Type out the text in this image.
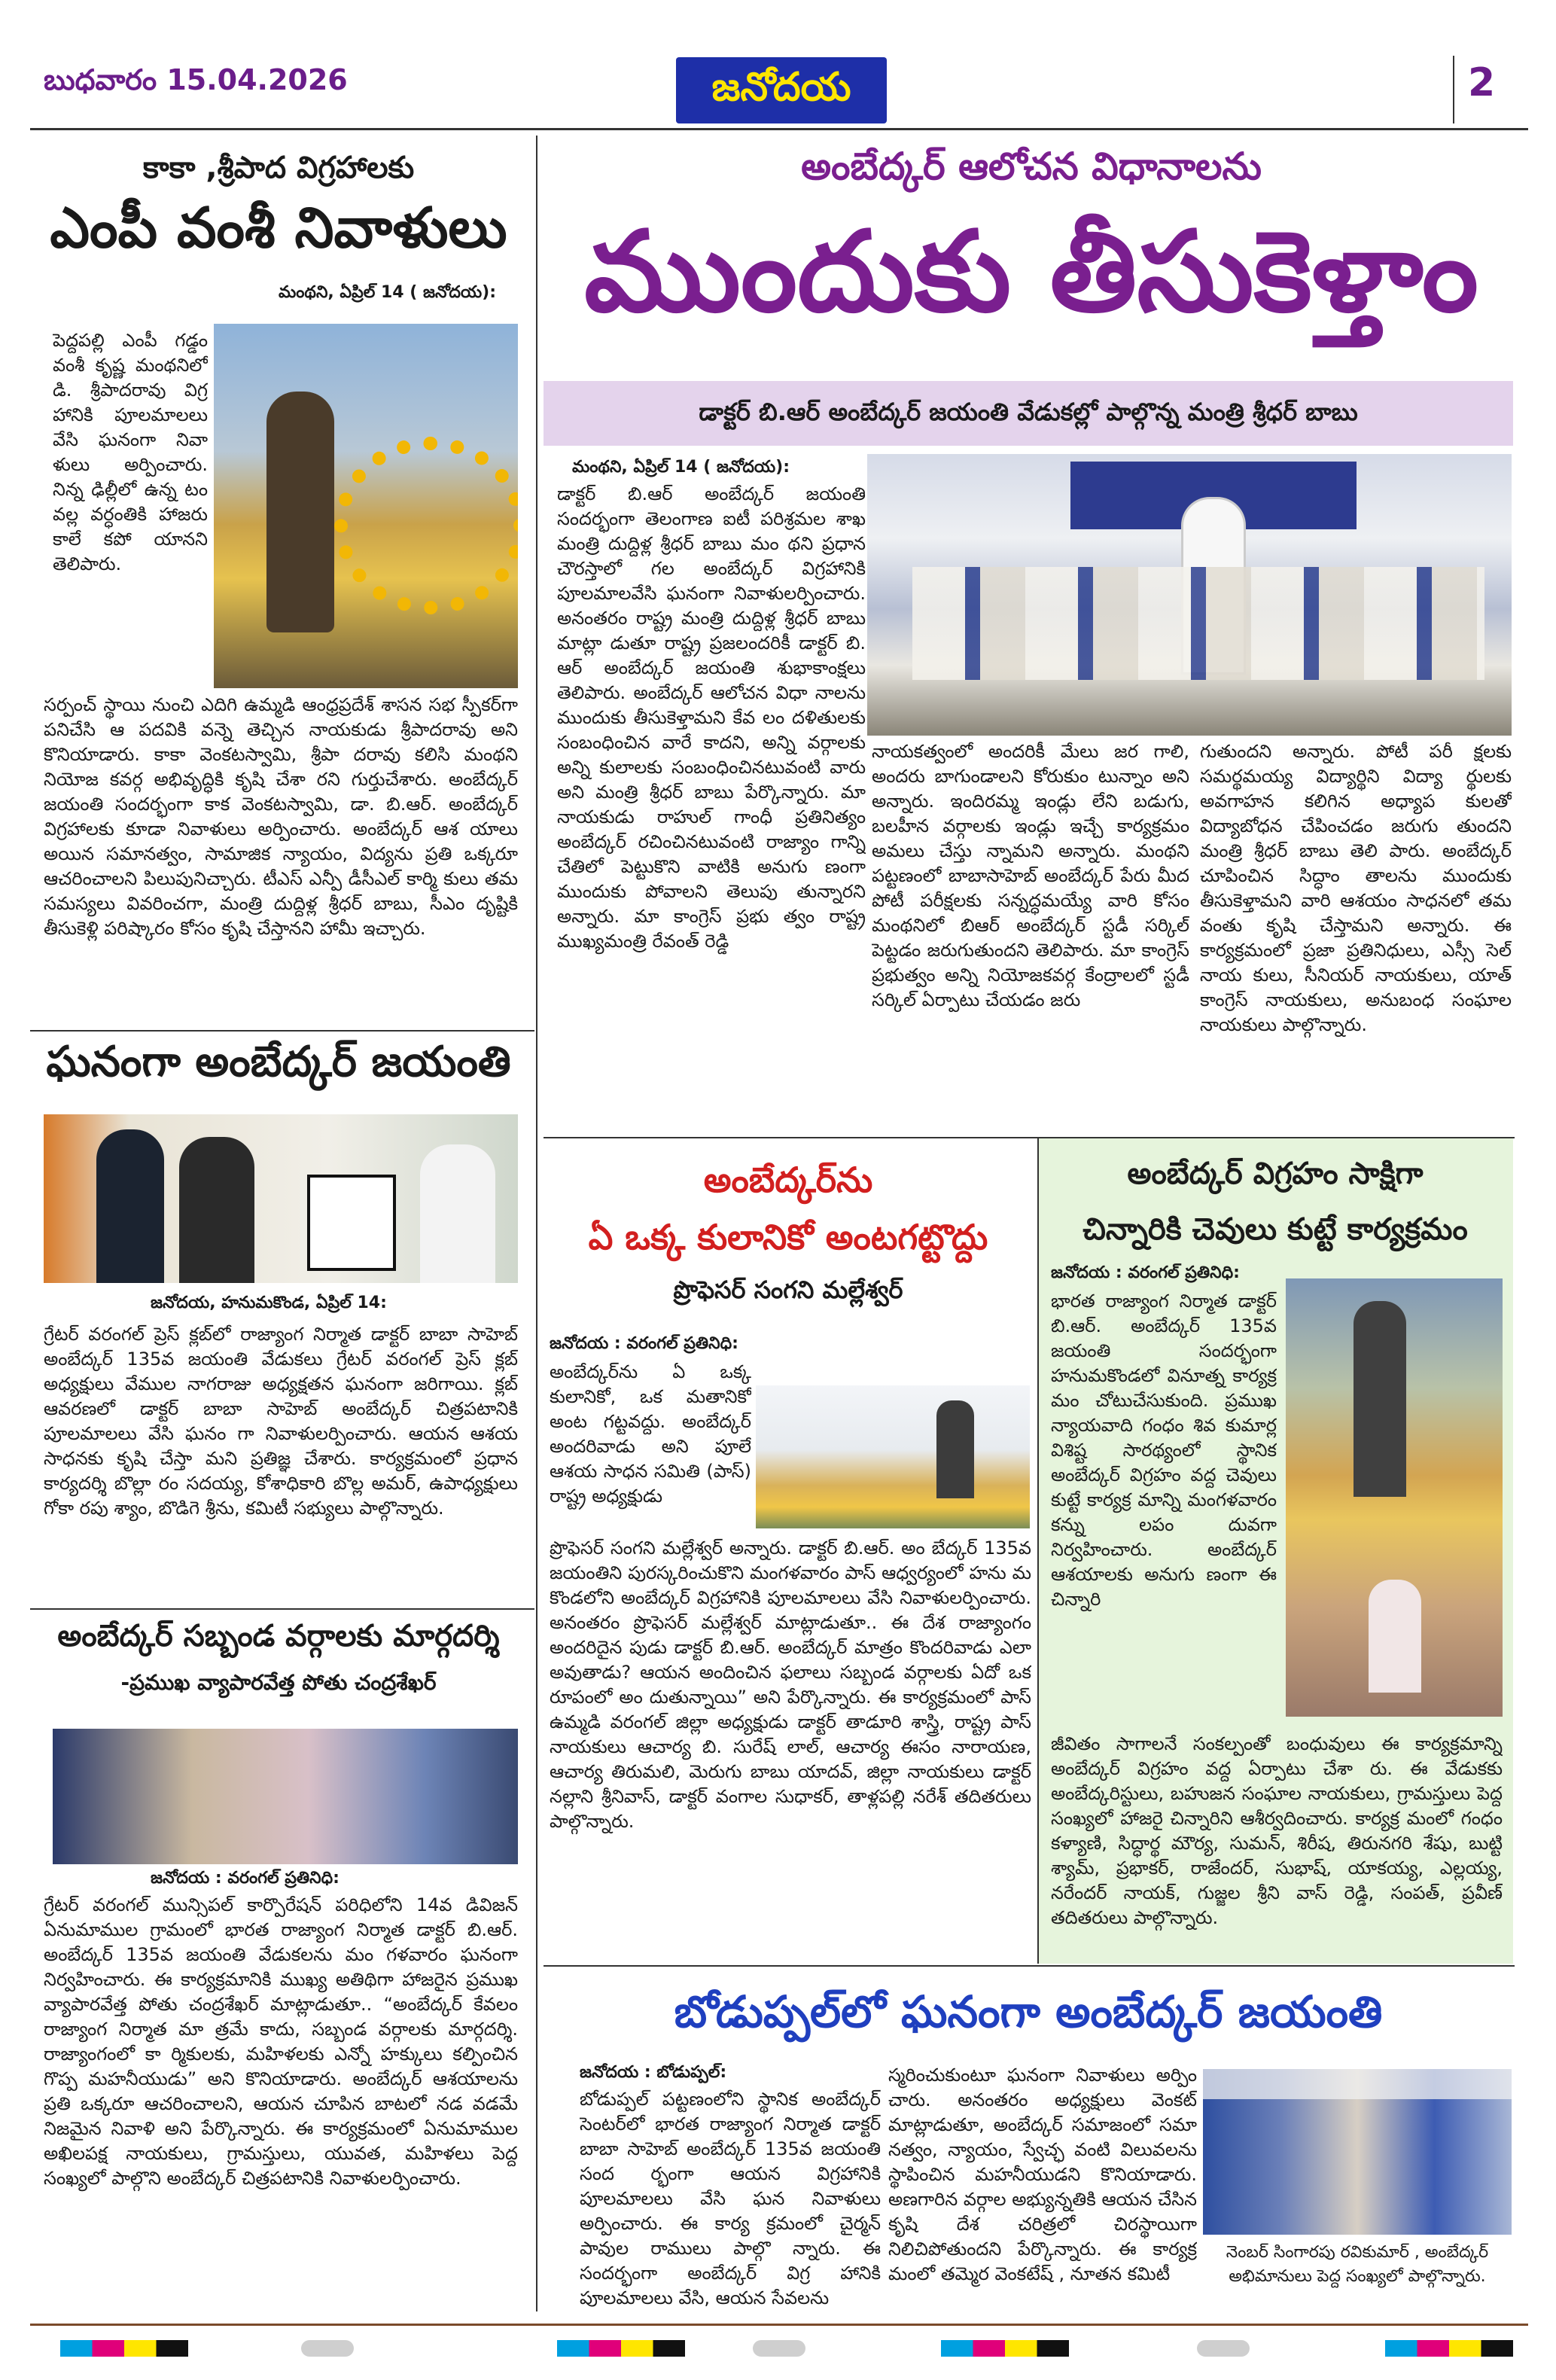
బుధవారం 15.04.2026	జనోదయ	2
కాకా ,శ్రీపాద విగ్రహాలకు
ఎంపీ వంశీ నివాళులు
మంథని, ఏప్రిల్ 14 ( జనోదయ):

పెద్దపల్లి ఎంపీ గడ్డం వంశీ కృష్ణ మంథనిలో డి. శ్రీపాదరావు విగ్ర హానికి పూలమాలలు వేసి ఘనంగా నివా ళులు అర్పించారు. నిన్న ఢిల్లీలో ఉన్న టం వల్ల వర్ధంతికి హాజరు కాలే కపో యానని తెలిపారు.

సర్పంచ్ స్థాయి నుంచి ఎదిగి ఉమ్మడి ఆంధ్రప్రదేశ్ శాసన సభ స్పీకర్‌గా పనిచేసి ఆ పదవికి వన్నె తెచ్చిన నాయకుడు శ్రీపాదరావు అని కొనియాడారు. కాకా వెంకటస్వామి, శ్రీపా దరావు కలిసి మంథని నియోజ కవర్గ అభివృద్ధికి కృషి చేశా రని గుర్తుచేశారు. అంబేద్కర్ జయంతి సందర్భంగా కాక వెంకటస్వామి, డా. బి.ఆర్. అంబేద్కర్ విగ్రహాలకు కూడా నివాళులు అర్పించారు. అంబేద్కర్ ఆశ యాలు అయిన సమానత్వం, సామాజిక న్యాయం, విద్యను ప్రతి ఒక్కరూ ఆచరించాలని పిలుపునిచ్చారు. టీఎస్ ఎన్పీ డీసీఎల్ కార్మి కులు తమ సమస్యలు వివరించగా, మంత్రి దుద్దిళ్ల శ్రీధర్ బాబు, సీఎం దృష్టికి తీసుకెళ్లి పరిష్కారం కోసం కృషి చేస్తానని హామీ ఇచ్చారు.

ఘనంగా అంబేద్కర్ జయంతి
జనోదయ, హనుమకొండ, ఏప్రిల్ 14:

గ్రేటర్ వరంగల్ ప్రెస్ క్లబ్‌లో రాజ్యాంగ నిర్మాత డాక్టర్ బాబా సాహెబ్ అంబేద్కర్ 135వ జయంతి వేడుకలు గ్రేటర్ వరంగల్ ప్రెస్ క్లబ్ అధ్యక్షులు వేముల నాగరాజు అధ్యక్షతన ఘనంగా జరిగాయి. క్లబ్ ఆవరణలో డాక్టర్ బాబా సాహెబ్ అంబేద్కర్ చిత్రపటానికి పూలమాలలు వేసి ఘనం గా నివాళులర్పించారు. ఆయన ఆశయ సాధనకు కృషి చేస్తా మని ప్రతిజ్ఞ చేశారు. కార్యక్రమంలో ప్రధాన కార్యదర్శి బొల్లా రం సదయ్య, కోశాధికారి బొల్ల అమర్, ఉపాధ్యక్షులు గోకా రపు శ్యాం, బొడిగె శ్రీను, కమిటీ సభ్యులు పాల్గొన్నారు.

అంబేద్కర్ సబ్బండ వర్గాలకు మార్గదర్శి
-ప్రముఖ వ్యాపారవేత్త పోతు చంద్రశేఖర్
జనోదయ : వరంగల్ ప్రతినిధి:

గ్రేటర్ వరంగల్ మున్సిపల్ కార్పొరేషన్ పరిధిలోని 14వ డివిజన్ ఏనుమాముల గ్రామంలో భారత రాజ్యాంగ నిర్మాత డాక్టర్ బి.ఆర్. అంబేద్కర్ 135వ జయంతి వేడుకలను మం గళవారం ఘనంగా నిర్వహించారు. ఈ కార్యక్రమానికి ముఖ్య అతిథిగా హాజరైన ప్రముఖ వ్యాపారవేత్త పోతు చంద్రశేఖర్ మాట్లాడుతూ.. “అంబేద్కర్ కేవలం రాజ్యాంగ నిర్మాత మా త్రమే కాదు, సబ్బండ వర్గాలకు మార్గదర్శి. రాజ్యాంగంలో కా ర్మికులకు, మహిళలకు ఎన్నో హక్కులు కల్పించిన గొప్ప మహనీయుడు” అని కొనియాడారు. అంబేద్కర్ ఆశయాలను ప్రతి ఒక్కరూ ఆచరించాలని, ఆయన చూపిన బాటలో నడ వడమే నిజమైన నివాళి అని పేర్కొన్నారు. ఈ కార్యక్రమంలో ఏనుమాముల అఖిలపక్ష నాయకులు, గ్రామస్తులు, యువత, మహిళలు పెద్ద సంఖ్యలో పాల్గొని అంబేద్కర్ చిత్రపటానికి నివాళులర్పించారు.

అంబేద్కర్ ఆలోచన విధానాలను
ముందుకు తీసుకెళ్తాం
డాక్టర్ బి.ఆర్ అంబేద్కర్ జయంతి వేడుకల్లో పాల్గొన్న మంత్రి శ్రీధర్ బాబు
మంథని, ఏప్రిల్ 14 ( జనోదయ):

డాక్టర్ బి.ఆర్ అంబేద్కర్ జయంతి సందర్భంగా తెలంగాణ ఐటీ పరిశ్రమల శాఖ మంత్రి దుద్దిళ్ల శ్రీధర్ బాబు మం థని ప్రధాన చౌరస్తాలో గల అంబేద్కర్ విగ్రహానికి పూలమాలవేసి ఘనంగా నివాళులర్పించారు. అనంతరం రాష్ట్ర మంత్రి దుద్దిళ్ల శ్రీధర్ బాబు మాట్లా డుతూ రాష్ట్ర ప్రజలందరికీ డాక్టర్ బి. ఆర్ అంబేద్కర్ జయంతి శుభాకాంక్షలు తెలిపారు. అంబేద్కర్ ఆలోచన విధా నాలను ముందుకు తీసుకెళ్తామని కేవ లం దళితులకు సంబంధించిన వారే కాదని, అన్ని వర్గాలకు అన్ని కులాలకు సంబంధించినటువంటి వారు అని మంత్రి శ్రీధర్ బాబు పేర్కొన్నారు. మా నాయకుడు రాహుల్ గాంధీ ప్రతినిత్యం అంబేద్కర్ రచించినటువంటి రాజ్యాం గాన్ని చేతిలో పెట్టుకొని వాటికి అనుగు ణంగా ముందుకు పోవాలని తెలుపు తున్నారని అన్నారు. మా కాంగ్రెస్ ప్రభు త్వం రాష్ట్ర ముఖ్యమంత్రి రేవంత్ రెడ్డి

నాయకత్వంలో అందరికీ మేలు జర గాలి, అందరు బాగుండాలని కోరుకుం టున్నాం అని అన్నారు. ఇందిరమ్మ ఇండ్లు లేని బడుగు, బలహీన వర్గాలకు ఇండ్లు ఇచ్చే కార్యక్రమం అమలు చేస్తు న్నామని అన్నారు. మంథని పట్టణంలో బాబాసాహెబ్ అంబేద్కర్ పేరు మీద పోటీ పరీక్షలకు సన్నద్ధమయ్యే వారి కోసం మంథనిలో బిఆర్ అంబేద్కర్ స్టడీ సర్కిల్ పెట్టడం జరుగుతుందని తెలిపారు. మా కాంగ్రెస్ ప్రభుత్వం అన్ని నియోజకవర్గ కేంద్రాలలో స్టడీ సర్కిల్ ఏర్పాటు చేయడం జరు

గుతుందని అన్నారు. పోటీ పరీ క్షలకు సమర్థమయ్య విద్యార్థిని విద్యా ర్థులకు అవగాహన కలిగిన అధ్యాప కులతో విద్యాబోధన చేపించడం జరుగు తుందని మంత్రి శ్రీధర్ బాబు తెలి పారు. అంబేద్కర్ చూపించిన సిద్ధాం తాలను ముందుకు తీసుకెళ్తామని వారి ఆశయం సాధనలో తమ వంతు కృషి చేస్తామని అన్నారు. ఈ కార్యక్రమంలో ప్రజా ప్రతినిధులు, ఎస్సీ సెల్ నాయ కులు, సీనియర్ నాయకులు, యాత్ కాంగ్రెస్ నాయకులు, అనుబంధ సంఘాల నాయకులు పాల్గొన్నారు.

అంబేద్కర్‌ను
ఏ ఒక్క కులానికో అంటగట్టొద్దు
ప్రొఫెసర్ సంగని మల్లేశ్వర్
జనోదయ : వరంగల్ ప్రతినిధి:

అంబేద్కర్‌ను ఏ ఒక్క కులానికో, ఒక మతానికో అంట గట్టవద్దు. అంబేద్కర్ అందరివాడు అని పూలే ఆశయ సాధన సమితి (పాస్) రాష్ట్ర అధ్యక్షుడు

ప్రొఫెసర్ సంగని మల్లేశ్వర్ అన్నారు. డాక్టర్ బి.ఆర్. అం బేద్కర్ 135వ జయంతిని పురస్కరించుకొని మంగళవారం పాస్ ఆధ్వర్యంలో హను మ కొండలోని అంబేద్కర్ విగ్రహానికి పూలమాలలు వేసి నివాళులర్పించారు. అనంతరం ప్రొఫెసర్ మల్లేశ్వర్ మాట్లాడుతూ.. ఈ దేశ రాజ్యాంగం అందరిదైన పుడు డాక్టర్ బి.ఆర్. అంబేద్కర్ మాత్రం కొందరివాడు ఎలా అవుతాడు? ఆయన అందించిన ఫలాలు సబ్బండ వర్గాలకు ఏదో ఒక రూపంలో అం దుతున్నాయి” అని పేర్కొన్నారు. ఈ కార్యక్రమంలో పాస్ ఉమ్మడి వరంగల్ జిల్లా అధ్యక్షుడు డాక్టర్ తాడూరి శాస్త్రి, రాష్ట్ర పాస్ నాయకులు ఆచార్య బి. సురేష్ లాల్, ఆచార్య ఈసం నారాయణ, ఆచార్య తిరుమలి, మెరుగు బాబు యాదవ్, జిల్లా నాయకులు డాక్టర్ నల్లాని శ్రీనివాస్, డాక్టర్ వంగాల సుధాకర్, తాళ్లపల్లి నరేశ్ తదితరులు పాల్గొన్నారు.

అంబేద్కర్ విగ్రహం సాక్షిగా
చిన్నారికి చెవులు కుట్టే కార్యక్రమం
జనోదయ : వరంగల్ ప్రతినిధి:

భారత రాజ్యాంగ నిర్మాత డాక్టర్ బి.ఆర్. అంబేద్కర్ 135వ జయంతి సందర్భంగా హనుమకొండలో వినూత్న కార్యక్ర మం చోటుచేసుకుంది. ప్రముఖ న్యాయవాది గంధం శివ కుమార్ల విశిష్ట సారథ్యంలో స్థానిక అంబేద్కర్ విగ్రహం వద్ద చెవులు కుట్టే కార్యక్ర మాన్ని మంగళవారం కన్ను లపం దువగా నిర్వహించారు. అంబేద్కర్ ఆశయాలకు అనుగు ణంగా ఈ చిన్నారి

జీవితం సాగాలనే సంకల్పంతో బంధువులు ఈ కార్యక్రమాన్ని అంబేద్కర్ విగ్రహం వద్ద ఏర్పాటు చేశా రు. ఈ వేడుకకు అంబేద్కరిస్టులు, బహుజన సంఘాల నాయకులు, గ్రామస్తులు పెద్ద సంఖ్యలో హాజరై చిన్నారిని ఆశీర్వదించారు. కార్యక్ర మంలో గంధం కళ్యాణి, సిద్ధార్థ మౌర్య, సుమన్, శిరీష, తిరునగరి శేషు, బుట్టి శ్యామ్, ప్రభాకర్, రాజేందర్, సుభాష్, యాకయ్య, ఎల్లయ్య, నరేందర్ నాయక్, గుజ్జల శ్రీని వాస్ రెడ్డి, సంపత్, ప్రవీణ్ తదితరులు పాల్గొన్నారు.

బోడుప్పల్‌లో ఘనంగా అంబేద్కర్ జయంతి
జనోదయ : బోడుప్పల్:

బోడుప్పల్ పట్టణంలోని స్థానిక అంబేద్కర్ సెంటర్‌లో భారత రాజ్యాంగ నిర్మాత డాక్టర్ బాబా సాహెబ్ అంబేద్కర్ 135వ జయంతి సంద ర్భంగా ఆయన విగ్రహానికి పూలమాలలు వేసి ఘన నివాళులు అర్పించారు. ఈ కార్య క్రమంలో చైర్మన్ పావుల రాములు పాల్గొ న్నారు. ఈ సందర్భంగా అంబేద్కర్ విగ్ర హానికి పూలమాలలు వేసి, ఆయన సేవలను

స్మరించుకుంటూ ఘనంగా నివాళులు అర్పిం చారు. అనంతరం అధ్యక్షులు వెంకట్ మాట్లాడుతూ, అంబేద్కర్ సమాజంలో సమా నత్వం, న్యాయం, స్వేచ్ఛ వంటి విలువలను స్థాపించిన మహనీయుడని కొనియాడారు. అణగారిన వర్గాల అభ్యున్నతికి ఆయన చేసిన కృషి దేశ చరిత్రలో చిరస్థాయిగా నిలిచిపోతుందని పేర్కొన్నారు. ఈ కార్యక్ర మంలో తమ్మెర వెంకటేష్ , నూతన కమిటీ

నెంబర్ సింగారపు రవికుమార్ , అంబేద్కర్ అభిమానులు పెద్ద సంఖ్యలో పాల్గొన్నారు.
